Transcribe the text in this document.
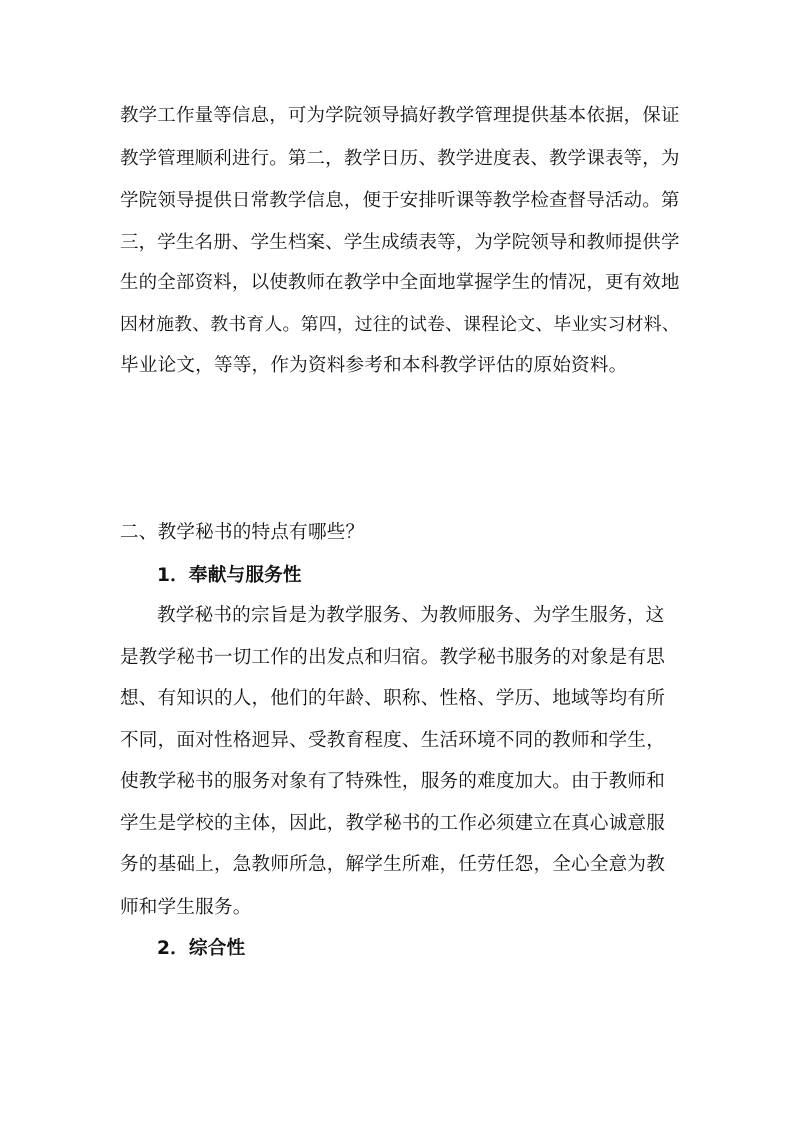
教学工作量等信息，可为学院领导搞好教学管理提供基本依据，保证
教学管理顺利进行。第二，教学日历、教学进度表、教学课表等，为
学院领导提供日常教学信息，便于安排听课等教学检查督导活动。第
三，学生名册、学生档案、学生成绩表等，为学院领导和教师提供学
生的全部资料，以使教师在教学中全面地掌握学生的情况，更有效地
因材施教、教书育人。第四，过往的试卷、课程论文、毕业实习材料、
毕业论文，等等，作为资料参考和本科教学评估的原始资料。
二、教学秘书的特点有哪些？
1．奉献与服务性
教学秘书的宗旨是为教学服务、为教师服务、为学生服务，这
是教学秘书一切工作的出发点和归宿。教学秘书服务的对象是有思
想、有知识的人，他们的年龄、职称、性格、学历、地域等均有所
不同，面对性格迥异、受教育程度、生活环境不同的教师和学生，
使教学秘书的服务对象有了特殊性，服务的难度加大。由于教师和
学生是学校的主体，因此，教学秘书的工作必须建立在真心诚意服
务的基础上，急教师所急，解学生所难，任劳任怨，全心全意为教
师和学生服务。
2．综合性
